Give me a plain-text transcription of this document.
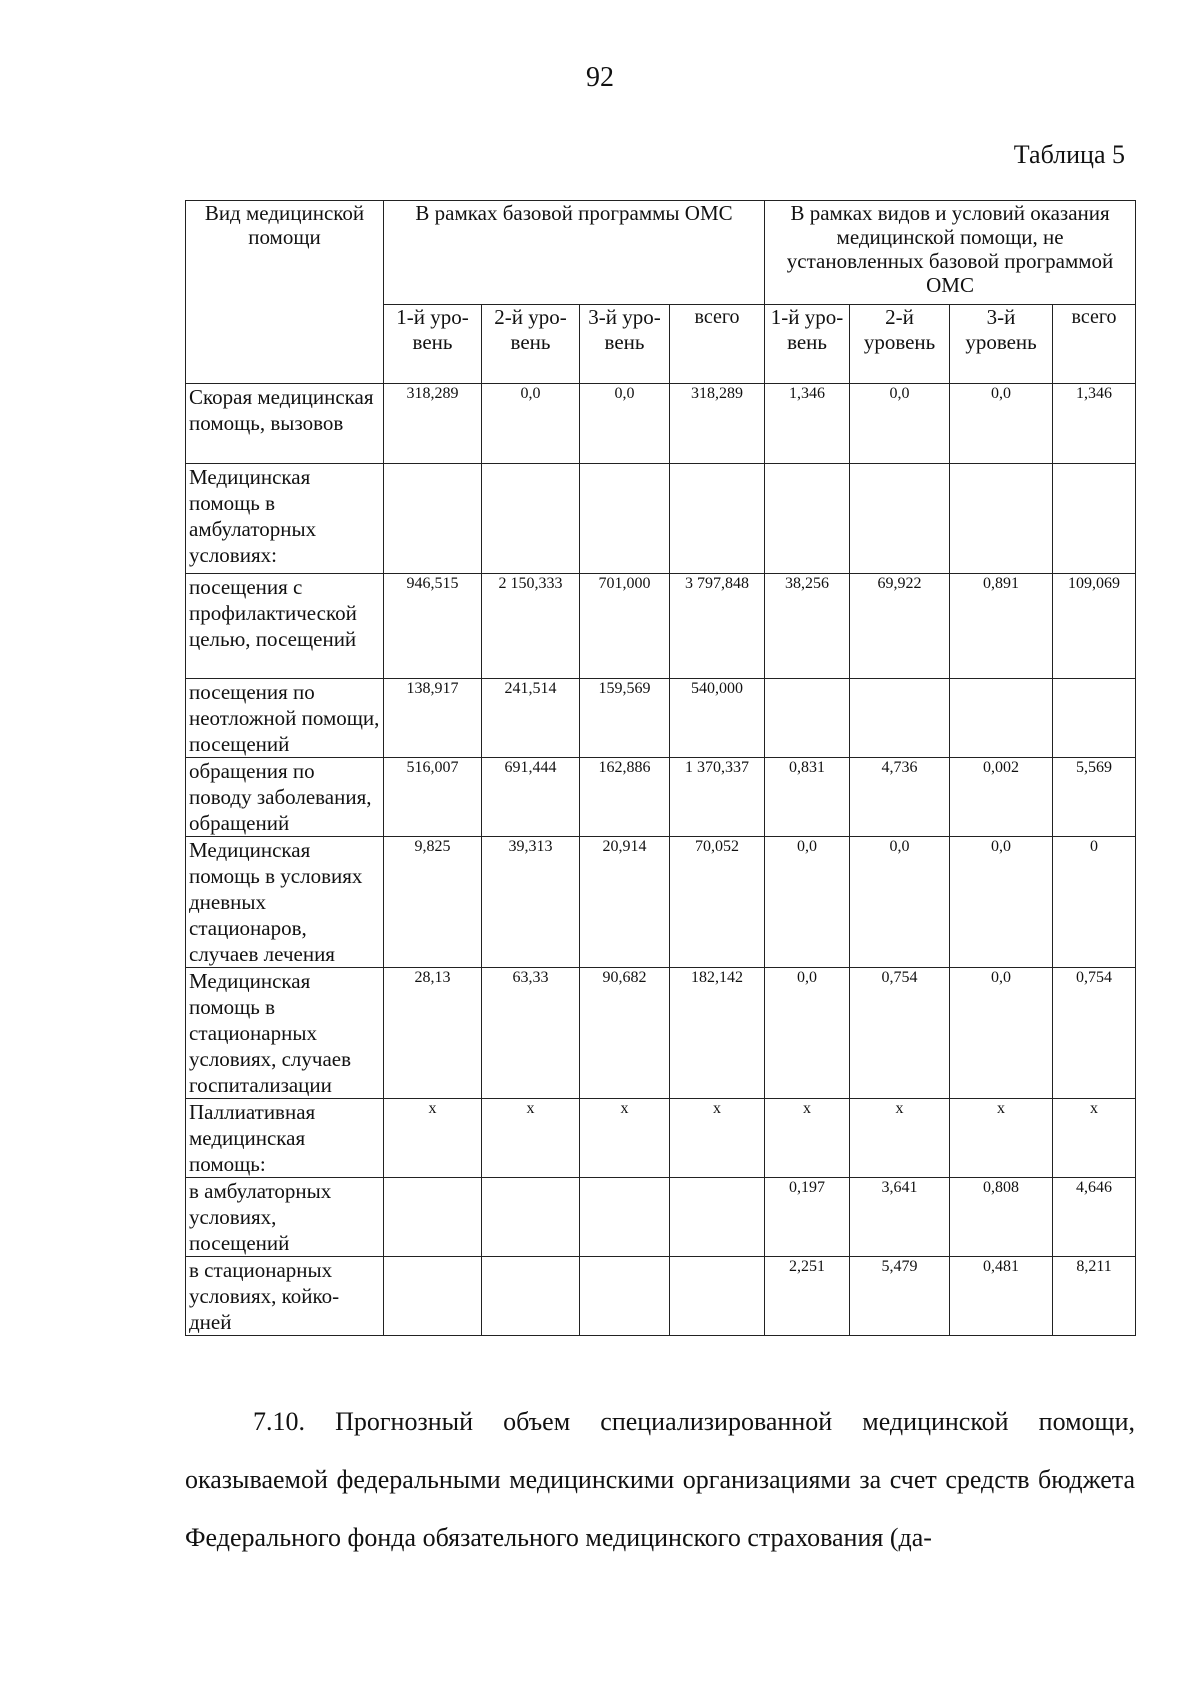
92
Таблица 5
Вид медицинской помощи	В рамках базовой программы ОМС				В рамках видов и условий оказания медицинской помощи, не установленных базовой программой ОМС			
	1-й уро-вень	2-й уро-вень	3-й уро-вень	всего	1-й уро-вень	2-й уровень	3-й уровень	всего
Скорая медицинская помощь, вызовов	318,289	0,0	0,0	318,289	1,346	0,0	0,0	1,346
Медицинская помощь в амбулаторных условиях:								
посещения с профилактической целью, посещений	946,515	2 150,333	701,000	3 797,848	38,256	69,922	0,891	109,069
посещения по неотложной помощи, посещений	138,917	241,514	159,569	540,000				
обращения по поводу заболевания, обращений	516,007	691,444	162,886	1 370,337	0,831	4,736	0,002	5,569
Медицинская помощь в условиях дневных стационаров, случаев лечения	9,825	39,313	20,914	70,052	0,0	0,0	0,0	0
Медицинская помощь в стационарных условиях, случаев госпитализации	28,13	63,33	90,682	182,142	0,0	0,754	0,0	0,754
Паллиативная медицинская помощь:	х	х	х	х	х	х	х	х
в амбулаторных условиях, посещений					0,197	3,641	0,808	4,646
в стационарных условиях, койко-дней					2,251	5,479	0,481	8,211
7.10. Прогнозный объем специализированной медицинской помощи, оказываемой федеральными медицинскими организациями за счет средств бюджета Федерального фонда обязательного медицинского страхования (да-
